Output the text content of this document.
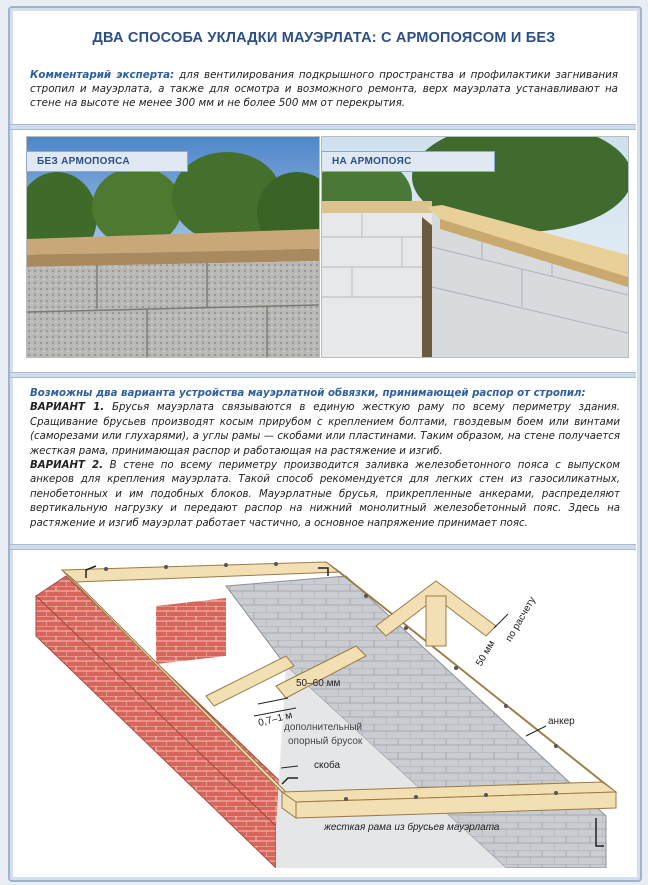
ДВА СПОСОБА УКЛАДКИ МАУЭРЛАТА: С АРМОПОЯСОМ И БЕЗ
Комментарий эксперта: для вентилирования подкрышного пространства и профилактики загнивания стропил и мауэрлата, а также для осмотра и возможного ремонта, верх мауэрлата устанавливают на стене на высоте не менее 300 мм и не более 500 мм от перекрытия.
БЕЗ АРМОПОЯСА	НА АРМОПОЯС

Возможны два варианта устройства мауэрлатной обвязки, принимающей распор от стропил:

ВАРИАНТ 1. Брусья мауэрлата связываются в единую жесткую раму по всему периметру здания. Сращивание брусьев производят косым прирубом с креплением болтами, гвоздевым боем или винтами (саморезами или глухарями), а углы рамы — скобами или пластинами. Таким образом, на стене получается жесткая рама, принимающая распор и работающая на растяжение и изгиб.

ВАРИАНТ 2. В стене по всему периметру производится заливка железобетонного пояса с выпуском анкеров для крепления мауэрлата. Такой способ рекомендуется для легких стен из газосиликатных, пенобетонных и им подобных блоков. Мауэрлатные брусья, прикрепленные анкерами, распределяют вертикальную нагрузку и передают распор на нижний монолитный железобетонный пояс. Здесь на растяжение и изгиб мауэрлат работает частично, а основное напряжение принимает пояс.

50–60 мм
0,7–1 м
дополнительный
опорный брусок
скоба
анкер
жесткая рама из брусьев мауэрлата
50 мм
по расчету
